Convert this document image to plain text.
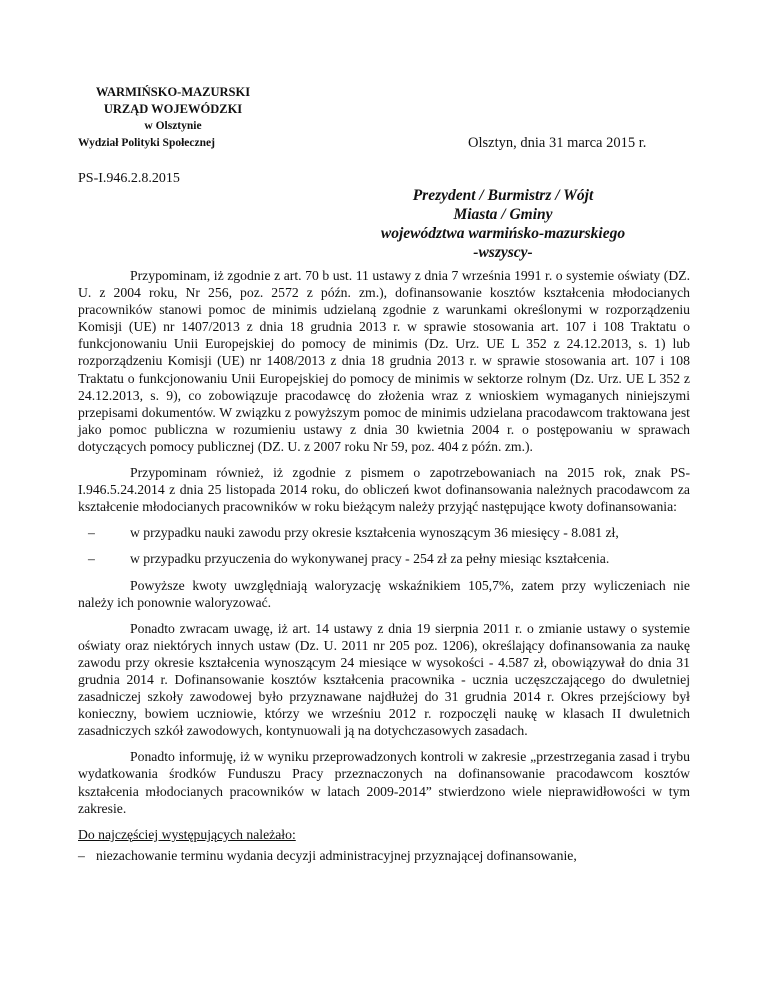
WARMIŃSKO-MAZURSKI
URZĄD WOJEWÓDZKI
w Olsztynie
Wydział Polityki Społecznej	Olsztyn, dnia 31 marca 2015 r.
PS-I.946.2.8.2015
Prezydent / Burmistrz / Wójt
Miasta / Gminy
województwa warmińsko-mazurskiego
-wszyscy-

Przypominam, iż zgodnie z art. 70 b ust. 11 ustawy z dnia 7 września 1991 r. o systemie oświaty (DZ. U. z 2004 roku, Nr 256, poz. 2572 z późn. zm.), dofinansowanie kosztów kształcenia młodocianych pracowników stanowi pomoc de minimis udzielaną zgodnie z warunkami określonymi w rozporządzeniu Komisji (UE) nr 1407/2013 z dnia 18 grudnia 2013 r. w sprawie stosowania art. 107 i 108 Traktatu o funkcjonowaniu Unii Europejskiej do pomocy de minimis (Dz. Urz. UE L 352 z 24.12.2013, s. 1) lub rozporządzeniu Komisji (UE) nr 1408/2013 z dnia 18 grudnia 2013 r. w sprawie stosowania art. 107 i 108 Traktatu o funkcjonowaniu Unii Europejskiej do pomocy de minimis w sektorze rolnym (Dz. Urz. UE L 352 z 24.12.2013, s. 9), co zobowiązuje pracodawcę do złożenia wraz z wnioskiem wymaganych niniejszymi przepisami dokumentów. W związku z powyższym pomoc de minimis udzielana pracodawcom traktowana jest jako pomoc publiczna w rozumieniu ustawy z dnia 30 kwietnia 2004 r. o postępowaniu w sprawach dotyczących pomocy publicznej (DZ. U. z 2007 roku Nr 59, poz. 404 z późn. zm.).

Przypominam również, iż zgodnie z pismem o zapotrzebowaniach na 2015 rok, znak PS-I.946.5.24.2014 z dnia 25 listopada 2014 roku, do obliczeń kwot dofinansowania należnych pracodawcom za kształcenie młodocianych pracowników w roku bieżącym należy przyjąć następujące kwoty dofinansowania:

–	w przypadku nauki zawodu przy okresie kształcenia wynoszącym 36 miesięcy - 8.081 zł,
–	w przypadku przyuczenia do wykonywanej pracy - 254 zł za pełny miesiąc kształcenia.

Powyższe kwoty uwzględniają waloryzację wskaźnikiem 105,7%, zatem przy wyliczeniach nie należy ich ponownie waloryzować.

Ponadto zwracam uwagę, iż art. 14 ustawy z dnia 19 sierpnia 2011 r. o zmianie ustawy o systemie oświaty oraz niektórych innych ustaw (Dz. U. 2011 nr 205 poz. 1206), określający dofinansowania za naukę zawodu przy okresie kształcenia wynoszącym 24 miesiące w wysokości - 4.587 zł, obowiązywał do dnia 31 grudnia 2014 r. Dofinansowanie kosztów kształcenia pracownika - ucznia uczęszczającego do dwuletniej zasadniczej szkoły zawodowej było przyznawane najdłużej do 31 grudnia 2014 r. Okres przejściowy był konieczny, bowiem uczniowie, którzy we wrześniu 2012 r. rozpoczęli naukę w klasach II dwuletnich zasadniczych szkół zawodowych, kontynuowali ją na dotychczasowych zasadach.

Ponadto informuję, iż w wyniku przeprowadzonych kontroli w zakresie „przestrzegania zasad i trybu wydatkowania środków Funduszu Pracy przeznaczonych na dofinansowanie pracodawcom kosztów kształcenia młodocianych pracowników w latach 2009-2014” stwierdzono wiele nieprawidłowości w tym zakresie.

Do najczęściej występujących należało:
– niezachowanie terminu wydania decyzji administracyjnej przyznającej dofinansowanie,
